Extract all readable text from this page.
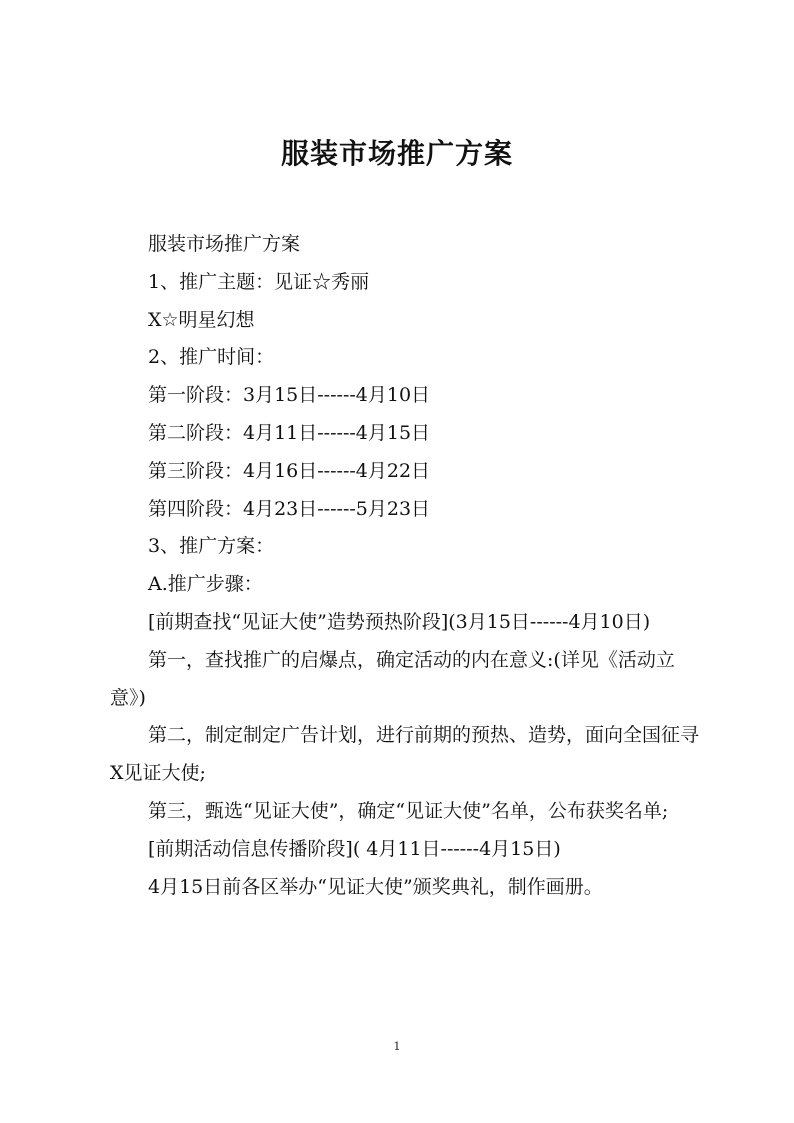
服装市场推广方案

服装市场推广方案

1、推广主题：见证☆秀丽

X☆明星幻想

2、推广时间：

第一阶段：3月15日------4月10日

第二阶段：4月11日------4月15日

第三阶段：4月16日------4月22日

第四阶段：4月23日------5月23日

3、推广方案：

A.推广步骤：

[前期查找“见证大使”造势预热阶段](3月15日------4月10日)

第一，查找推广的启爆点，确定活动的内在意义:(详见《活动立意》)

第二，制定制定广告计划，进行前期的预热、造势，面向全国征寻X见证大使;

第三，甄选“见证大使”，确定“见证大使”名单，公布获奖名单;

[前期活动信息传播阶段]( 4月11日------4月15日)

4月15日前各区举办“见证大使”颁奖典礼，制作画册。

1
